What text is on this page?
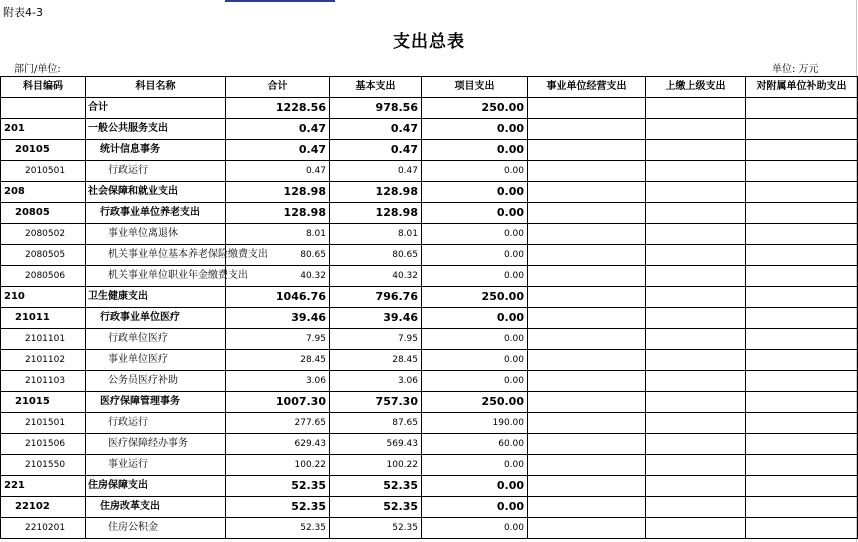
附表4-3
支出总表
部门/单位:	单位: 万元
科目编码	科目名称	合计	基本支出	项目支出	事业单位经营支出	上缴上级支出	对附属单位补助支出
	合计	1228.56	978.56	250.00			
201	一般公共服务支出	0.47	0.47	0.00			
20105	统计信息事务	0.47	0.47	0.00			
2010501	行政运行	0.47	0.47	0.00			
208	社会保障和就业支出	128.98	128.98	0.00			
20805	行政事业单位养老支出	128.98	128.98	0.00			
2080502	事业单位离退休	8.01	8.01	0.00			
2080505	机关事业单位基本养老保险缴费支出	80.65	80.65	0.00			
2080506	机关事业单位职业年金缴费支出	40.32	40.32	0.00			
210	卫生健康支出	1046.76	796.76	250.00			
21011	行政事业单位医疗	39.46	39.46	0.00			
2101101	行政单位医疗	7.95	7.95	0.00			
2101102	事业单位医疗	28.45	28.45	0.00			
2101103	公务员医疗补助	3.06	3.06	0.00			
21015	医疗保障管理事务	1007.30	757.30	250.00			
2101501	行政运行	277.65	87.65	190.00			
2101506	医疗保障经办事务	629.43	569.43	60.00			
2101550	事业运行	100.22	100.22	0.00			
221	住房保障支出	52.35	52.35	0.00			
22102	住房改革支出	52.35	52.35	0.00			
2210201	住房公积金	52.35	52.35	0.00			
